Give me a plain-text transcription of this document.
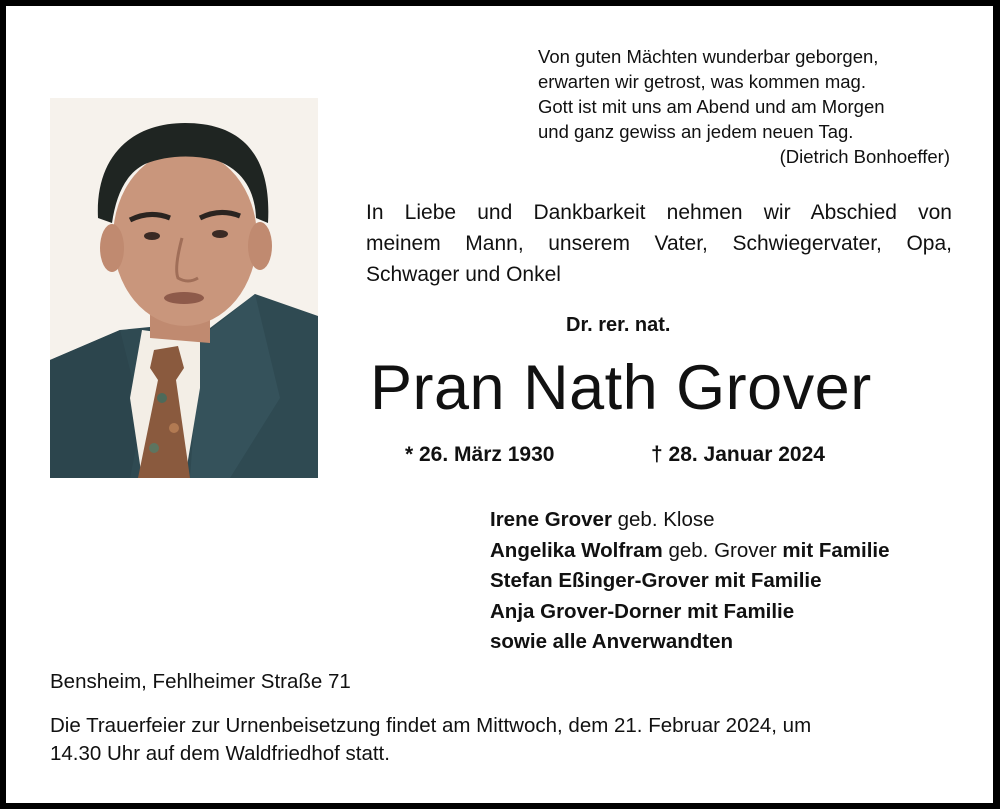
Von guten Mächten wunderbar geborgen,
erwarten wir getrost, was kommen mag.
Gott ist mit uns am Abend und am Morgen
und ganz gewiss an jedem neuen Tag.
(Dietrich Bonhoeffer)
In Liebe und Dankbarkeit nehmen wir Abschied von
meinem Mann, unserem Vater, Schwiegervater, Opa,
Schwager und Onkel
Dr. rer. nat.
Pran Nath Grover
* 26. März 1930	† 28. Januar 2024
Irene Grover geb. Klose
Angelika Wolfram geb. Grover mit Familie
Stefan Eßinger-Grover mit Familie
Anja Grover-Dorner mit Familie
sowie alle Anverwandten
Bensheim, Fehlheimer Straße 71
Die Trauerfeier zur Urnenbeisetzung findet am Mittwoch, dem 21. Februar 2024, um
14.30 Uhr auf dem Waldfriedhof statt.
